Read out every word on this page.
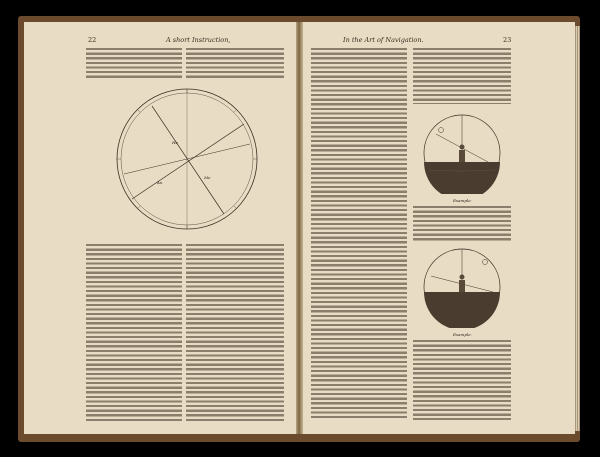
22	A short Instruction,
Ha
Me
An
In the Art of Navigation.	23
Example.
Example.
